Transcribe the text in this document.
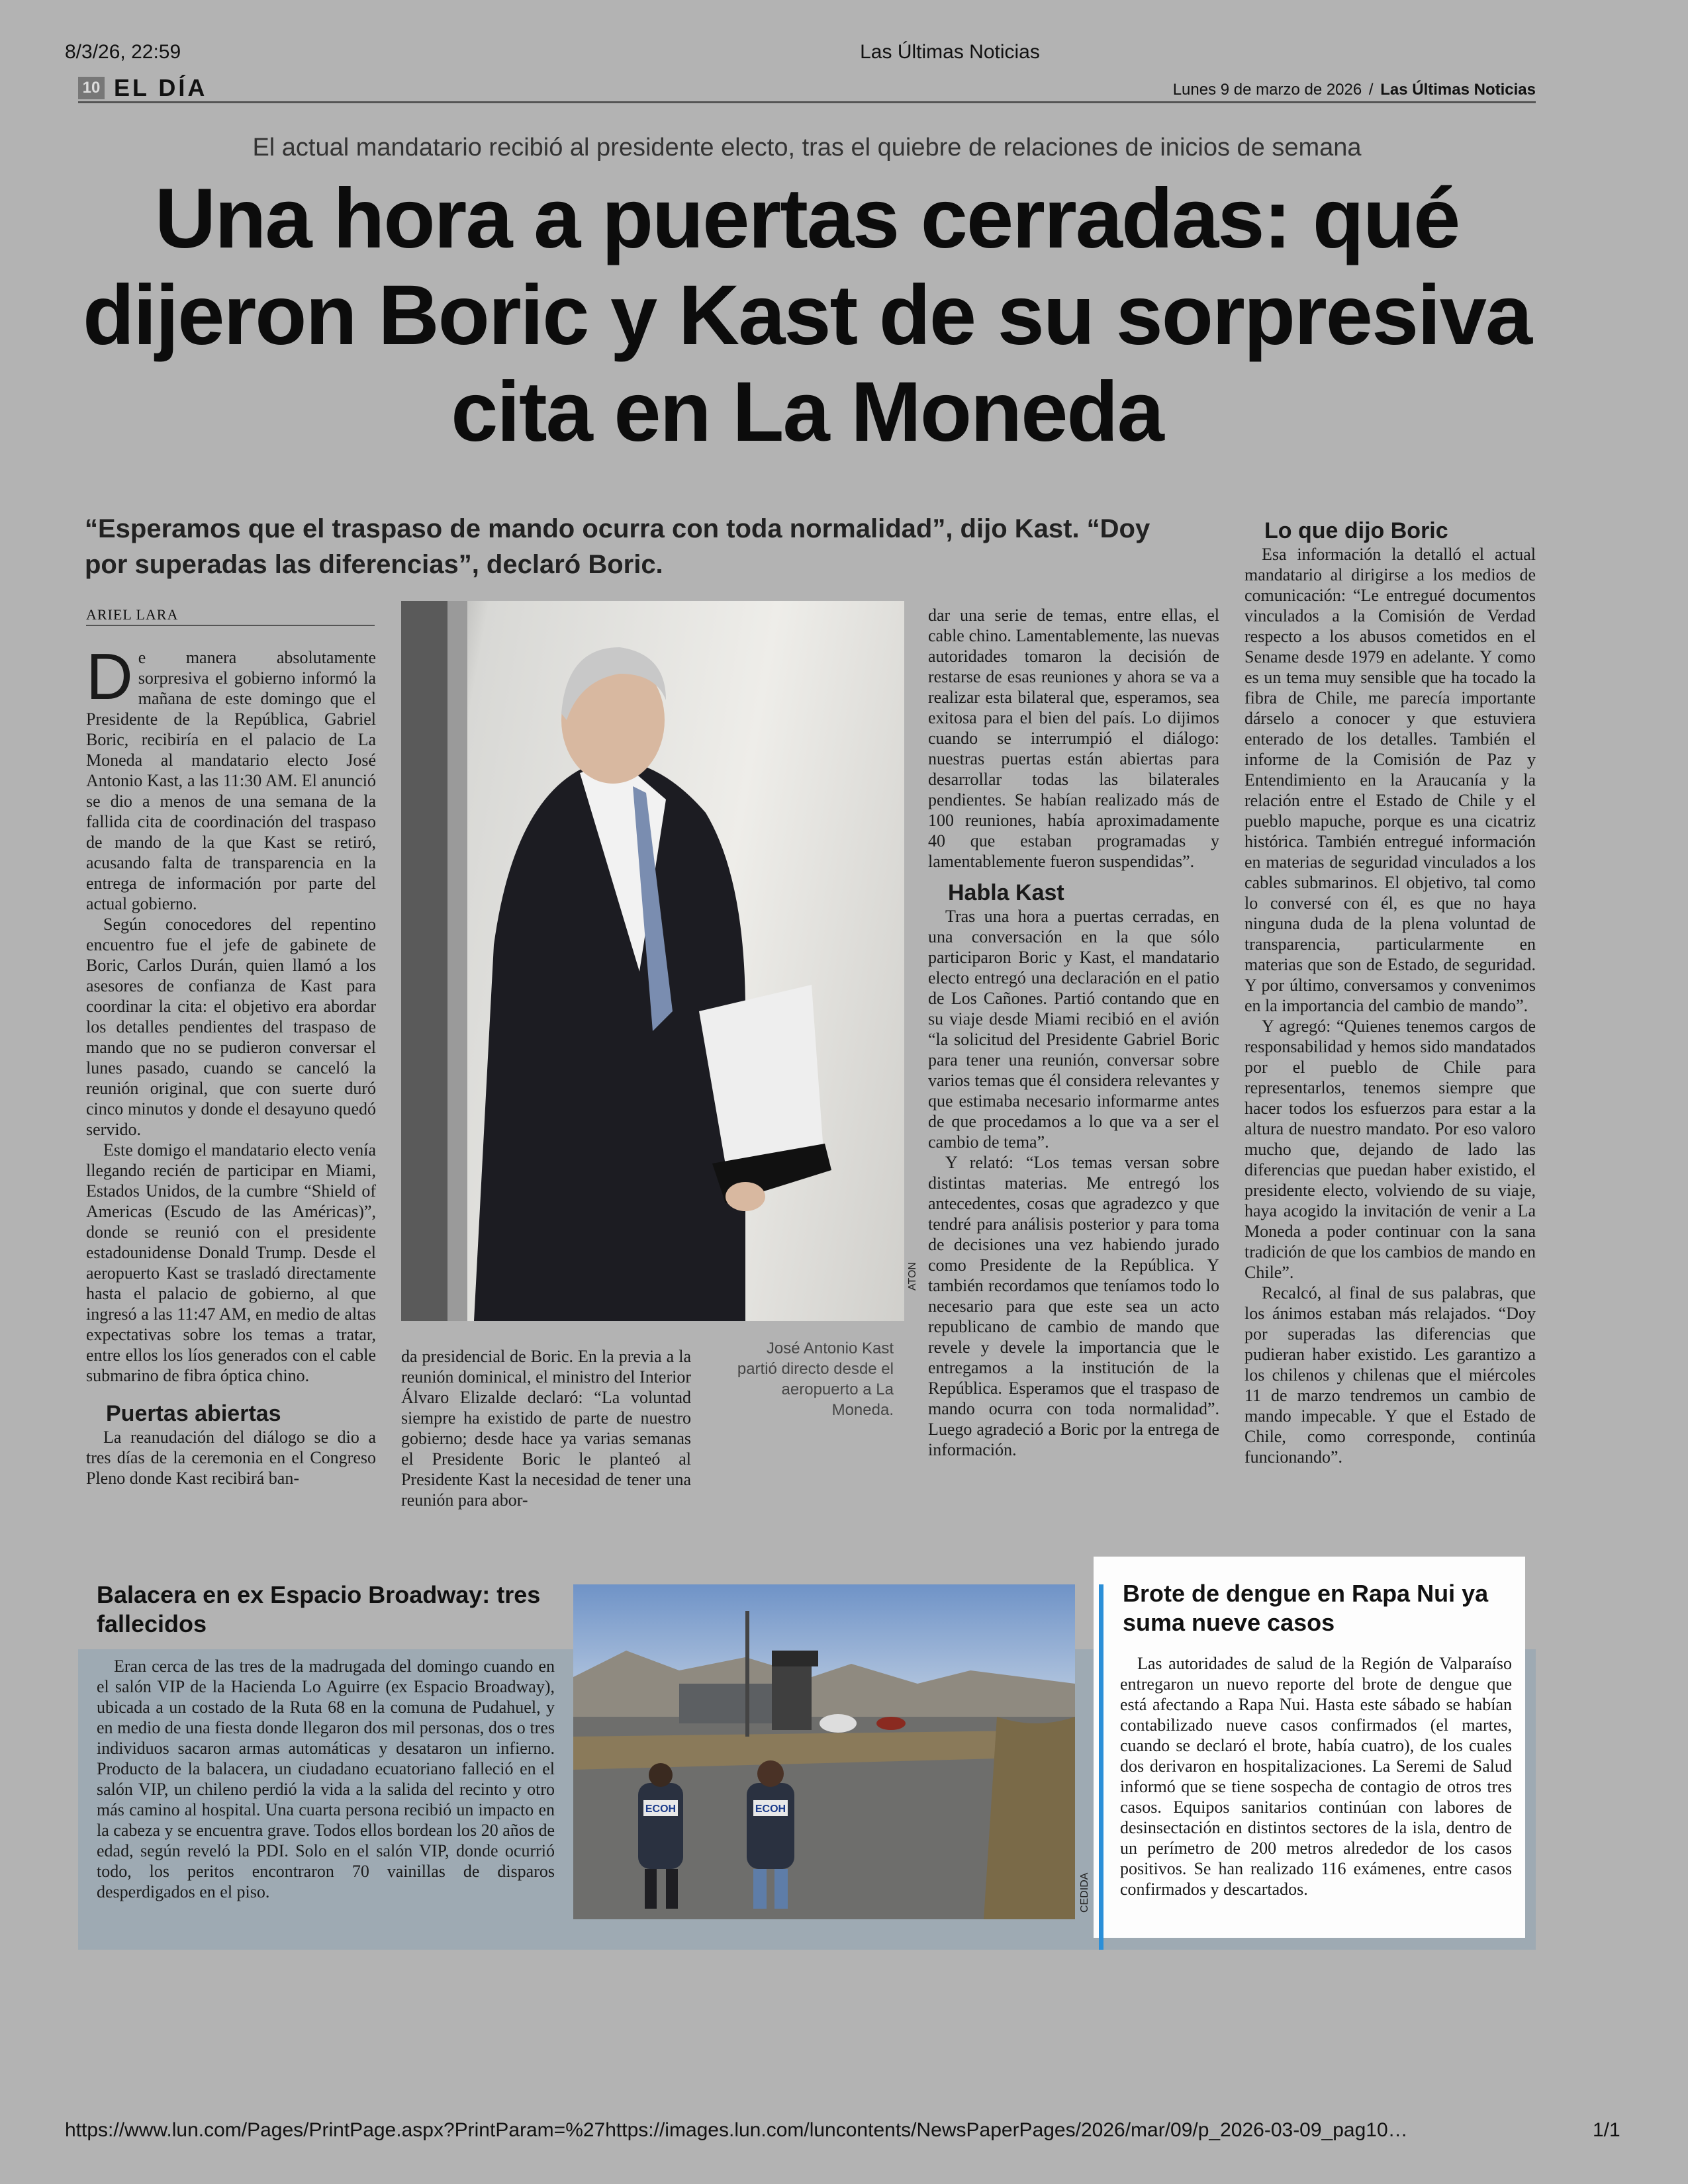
8/3/26, 22:59	Las Últimas Noticias
10 EL DÍA	Lunes 9 de marzo de 2026 / Las Últimas Noticias
El actual mandatario recibió al presidente electo, tras el quiebre de relaciones de inicios de semana
Una hora a puertas cerradas: qué dijeron Boric y Kast de su sorpresiva cita en La Moneda
“Esperamos que el traspaso de mando ocurra con toda normalidad”, dijo Kast. “Doy por superadas las diferencias”, declaró Boric.
ARIEL LARA

De manera absolutamente sorpresiva el gobierno informó la mañana de este domingo que el Presidente de la República, Gabriel Boric, recibiría en el palacio de La Moneda al mandatario electo José Antonio Kast, a las 11:30 AM. El anunció se dio a menos de una semana de la fallida cita de coordinación del traspaso de mando de la que Kast se retiró, acusando falta de transparencia en la entrega de información por parte del actual gobierno.

Según conocedores del repentino encuentro fue el jefe de gabinete de Boric, Carlos Durán, quien llamó a los asesores de confianza de Kast para coordinar la cita: el objetivo era abordar los detalles pendientes del traspaso de mando que no se pudieron conversar el lunes pasado, cuando se canceló la reunión original, que con suerte duró cinco minutos y donde el desayuno quedó servido.

Este domigo el mandatario electo venía llegando recién de participar en Miami, Estados Unidos, de la cumbre “Shield of Americas (Escudo de las Américas)”, donde se reunió con el presidente estadounidense Donald Trump. Desde el aeropuerto Kast se trasladó directamente hasta el palacio de gobierno, al que ingresó a las 11:47 AM, en medio de altas expectativas sobre los temas a tratar, entre ellos los líos generados con el cable submarino de fibra óptica chino.

Puertas abiertas

La reanudación del diálogo se dio a tres días de la ceremonia en el Congreso Pleno donde Kast recibirá ban-

ATON

da presidencial de Boric. En la previa a la reunión dominical, el ministro del Interior Álvaro Elizalde declaró: “La voluntad siempre ha existido de parte de nuestro gobierno; desde hace ya varias semanas el Presidente Boric le planteó al Presidente Kast la necesidad de tener una reunión para abor-

José Antonio Kast partió directo desde el aeropuerto a La Moneda.

dar una serie de temas, entre ellas, el cable chino. Lamentablemente, las nuevas autoridades tomaron la decisión de restarse de esas reuniones y ahora se va a realizar esta bilateral que, esperamos, sea exitosa para el bien del país. Lo dijimos cuando se interrumpió el diálogo: nuestras puertas están abiertas para desarrollar todas las bilaterales pendientes. Se habían realizado más de 100 reuniones, había aproximadamente 40 que estaban programadas y lamentablemente fueron suspendidas”.

Habla Kast

Tras una hora a puertas cerradas, en una conversación en la que sólo participaron Boric y Kast, el mandatario electo entregó una declaración en el patio de Los Cañones. Partió contando que en su viaje desde Miami recibió en el avión “la solicitud del Presidente Gabriel Boric para tener una reunión, conversar sobre varios temas que él considera relevantes y que estimaba necesario informarme antes de que procedamos a lo que va a ser el cambio de tema”.

Y relató: “Los temas versan sobre distintas materias. Me entregó los antecedentes, cosas que agradezco y que tendré para análisis posterior y para toma de decisiones una vez habiendo jurado como Presidente de la República. Y también recordamos que teníamos todo lo necesario para que este sea un acto republicano de cambio de mando que revele y devele la importancia que le entregamos a la institución de la República. Esperamos que el traspaso de mando ocurra con toda normalidad”. Luego agradeció a Boric por la entrega de información.

Lo que dijo Boric

Esa información la detalló el actual mandatario al dirigirse a los medios de comunicación: “Le entregué documentos vinculados a la Comisión de Verdad respecto a los abusos cometidos en el Sename desde 1979 en adelante. Y como es un tema muy sensible que ha tocado la fibra de Chile, me parecía importante dárselo a conocer y que estuviera enterado de los detalles. También el informe de la Comisión de Paz y Entendimiento en la Araucanía y la relación entre el Estado de Chile y el pueblo mapuche, porque es una cicatriz histórica. También entregué información en materias de seguridad vinculados a los cables submarinos. El objetivo, tal como lo conversé con él, es que no haya ninguna duda de la plena voluntad de transparencia, particularmente en materias que son de Estado, de seguridad. Y por último, conversamos y convenimos en la importancia del cambio de mando”.

Y agregó: “Quienes tenemos cargos de responsabilidad y hemos sido mandatados por el pueblo de Chile para representarlos, tenemos siempre que hacer todos los esfuerzos para estar a la altura de nuestro mandato. Por eso valoro mucho que, dejando de lado las diferencias que puedan haber existido, el presidente electo, volviendo de su viaje, haya acogido la invitación de venir a La Moneda a poder continuar con la sana tradición de que los cambios de mando en Chile”.

Recalcó, al final de sus palabras, que los ánimos estaban más relajados. “Doy por superadas las diferencias que pudieran haber existido. Les garantizo a los chilenos y chilenas que el miércoles 11 de marzo tendremos un cambio de mando impecable. Y que el Estado de Chile, como corresponde, continúa funcionando”.

Balacera en ex Espacio Broadway: tres fallecidos

Eran cerca de las tres de la madrugada del domingo cuando en el salón VIP de la Hacienda Lo Aguirre (ex Espacio Broadway), ubicada a un costado de la Ruta 68 en la comuna de Pudahuel, y en medio de una fiesta donde llegaron dos mil personas, dos o tres individuos sacaron armas automáticas y desataron un infierno. Producto de la balacera, un ciudadano ecuatoriano falleció en el salón VIP, un chileno perdió la vida a la salida del recinto y otro más camino al hospital. Una cuarta persona recibió un impacto en la cabeza y se encuentra grave. Todos ellos bordean los 20 años de edad, según reveló la PDI. Solo en el salón VIP, donde ocurrió todo, los peritos encontraron 70 vainillas de disparos desperdigados en el piso.

ECOH	ECOH
CEDIDA
Brote de dengue en Rapa Nui ya suma nueve casos

Las autoridades de salud de la Región de Valparaíso entregaron un nuevo reporte del brote de dengue que está afectando a Rapa Nui. Hasta este sábado se habían contabilizado nueve casos confirmados (el martes, cuando se declaró el brote, había cuatro), de los cuales dos derivaron en hospitalizaciones. La Seremi de Salud informó que se tiene sospecha de contagio de otros tres casos. Equipos sanitarios continúan con labores de desinsectación en distintos sectores de la isla, dentro de un perímetro de 200 metros alrededor de los casos positivos. Se han realizado 116 exámenes, entre casos confirmados y descartados.

https://www.lun.com/Pages/PrintPage.aspx?PrintParam=%27https://images.lun.com/luncontents/NewsPaperPages/2026/mar/09/p_2026-03-09_pag10…	1/1
